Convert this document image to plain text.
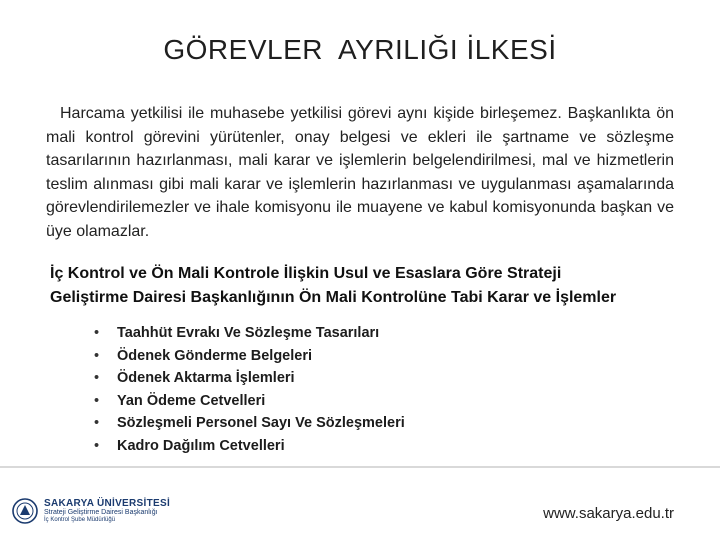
GÖREVLER  AYRILIĞI İLKESİ

Harcama yetkilisi ile muhasebe yetkilisi görevi aynı kişide birleşemez. Başkanlıkta ön mali kontrol görevini yürütenler, onay belgesi ve ekleri ile şartname ve sözleşme tasarılarının hazırlanması, mali karar ve işlemlerin belgelendirilmesi, mal ve hizmetlerin teslim alınması gibi mali karar ve işlemlerin hazırlanması ve uygulanması aşamalarında görevlendirilemezler ve ihale komisyonu ile muayene ve kabul komisyonunda başkan ve üye olamazlar.

İç Kontrol ve Ön Mali Kontrole İlişkin Usul ve Esaslara Göre Strateji
Geliştirme Dairesi Başkanlığının Ön Mali Kontrolüne Tabi Karar ve İşlemler
• Taahhüt Evrakı Ve Sözleşme Tasarıları
• Ödenek Gönderme Belgeleri
• Ödenek Aktarma İşlemleri
• Yan Ödeme Cetvelleri
• Sözleşmeli Personel Sayı Ve Sözleşmeleri
• Kadro Dağılım Cetvelleri
SAKARYA ÜNİVERSİTESİ
Strateji Geliştirme Dairesi Başkanlığı
İç Kontrol Şube Müdürlüğü	www.sakarya.edu.tr
